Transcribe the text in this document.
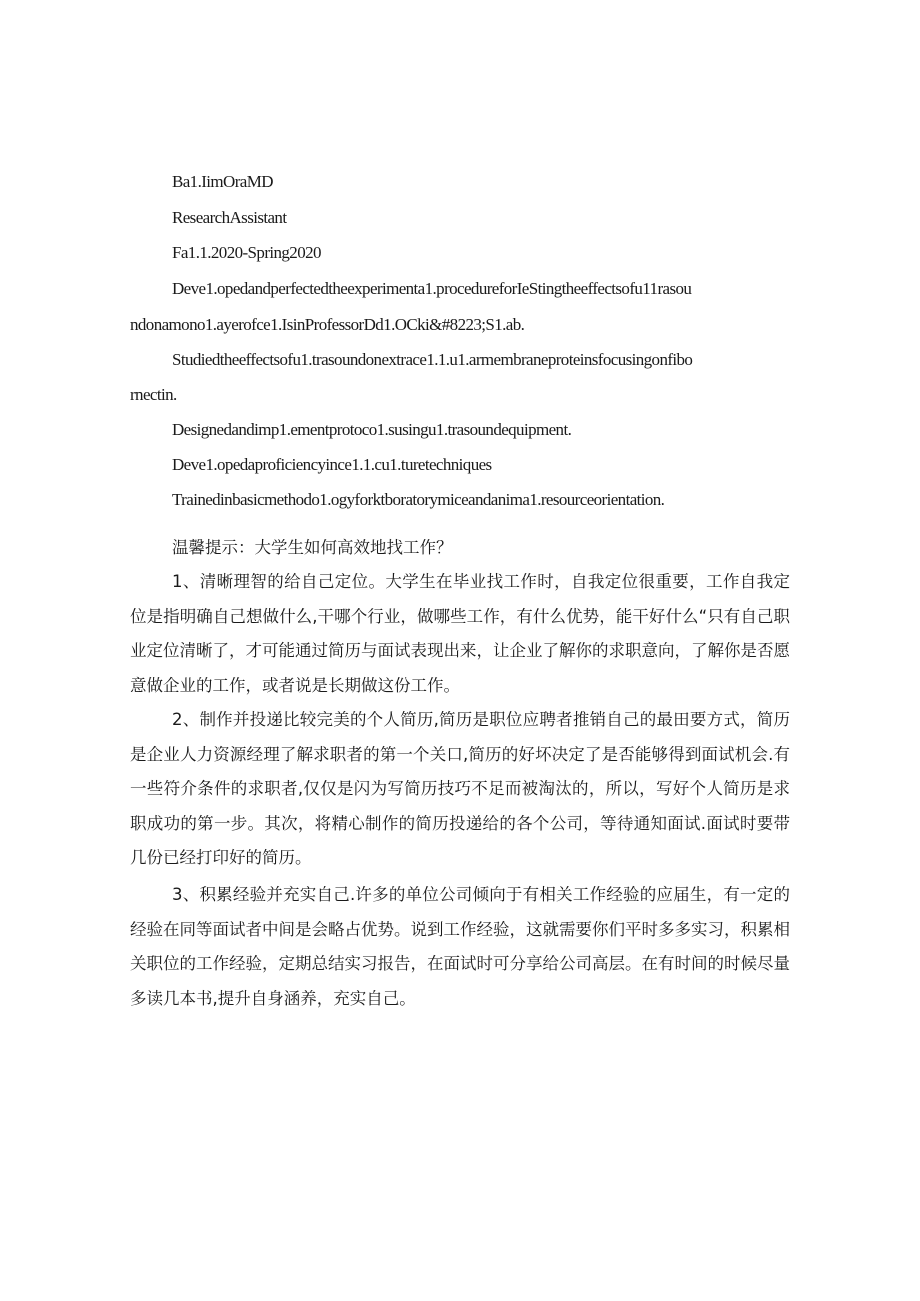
Ba1.IimOraMD
ResearchAssistant
Fa1.1.2020-Spring2020
Deve1.opedandperfectedtheexperimenta1.procedureforIeStingtheeffectsofu11rasou
ndonamono1.ayerofce1.IsinProfessorDd1.OCki&#8223;S1.ab.
Studiedtheeffectsofu1.trasoundonextrace1.1.u1.armembraneproteinsfocusingonfibo
rnectin.
Designedandimp1.ementprotoco1.susingu1.trasoundequipment.
Deve1.opedaproficiencyince1.1.cu1.turetechniques
Trainedinbasicmethodo1.ogyforktboratorymiceandanima1.resourceorientation.

温馨提示：大学生如何高效地找工作？

1、清晰理智的给自己定位。大学生在毕业找工作时，自我定位很重要，工作自我定位是指明确自己想做什么,干哪个行业，做哪些工作，有什么优势，能干好什么“只有自己职业定位清晰了，才可能通过简历与面试表现出来，让企业了解你的求职意向，了解你是否愿意做企业的工作，或者说是长期做这份工作。

2、制作并投递比较完美的个人简历,简历是职位应聘者推销自己的最田要方式，简历是企业人力资源经理了解求职者的第一个关口,简历的好坏决定了是否能够得到面试机会.有一些符介条件的求职者,仅仅是闪为写简历技巧不足而被淘汰的，所以，写好个人简历是求职成功的第一步。其次，将精心制作的简历投递给的各个公司，等待通知面试.面试时要带几份已经打印好的简历。

3、积累经验并充实自己.许多的单位公司倾向于有相关工作经验的应届生，有一定的经验在同等面试者中间是会略占优势。说到工作经验，这就需要你们平时多多实习，积累相关职位的工作经验，定期总结实习报告，在面试时可分享给公司高层。在有时间的时候尽量多读几本书,提升自身涵养，充实自己。
